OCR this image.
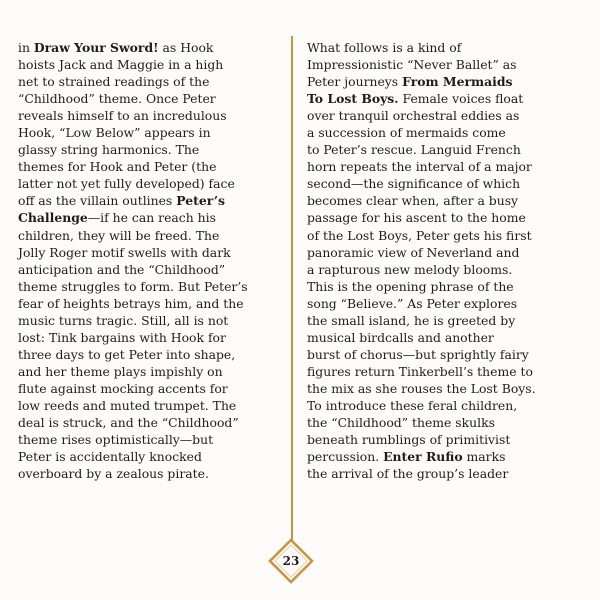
in Draw Your Sword! as Hook
hoists Jack and Maggie in a high
net to strained readings of the
“Childhood” theme. Once Peter
reveals himself to an incredulous
Hook, “Low Below” appears in
glassy string harmonics. The
themes for Hook and Peter (the
latter not yet fully developed) face
off as the villain outlines Peter’s
Challenge—if he can reach his
children, they will be freed. The
Jolly Roger motif swells with dark
anticipation and the “Childhood”
theme struggles to form. But Peter’s
fear of heights betrays him, and the
music turns tragic. Still, all is not
lost: Tink bargains with Hook for
three days to get Peter into shape,
and her theme plays impishly on
flute against mocking accents for
low reeds and muted trumpet. The
deal is struck, and the “Childhood”
theme rises optimistically—but
Peter is accidentally knocked
overboard by a zealous pirate.
What follows is a kind of
Impressionistic “Never Ballet” as
Peter journeys From Mermaids
To Lost Boys. Female voices float
over tranquil orchestral eddies as
a succession of mermaids come
to Peter’s rescue. Languid French
horn repeats the interval of a major
second—the significance of which
becomes clear when, after a busy
passage for his ascent to the home
of the Lost Boys, Peter gets his first
panoramic view of Neverland and
a rapturous new melody blooms.
This is the opening phrase of the
song “Believe.” As Peter explores
the small island, he is greeted by
musical birdcalls and another
burst of chorus—but sprightly fairy
figures return Tinkerbell’s theme to
the mix as she rouses the Lost Boys.
To introduce these feral children,
the “Childhood” theme skulks
beneath rumblings of primitivist
percussion. Enter Rufio marks
the arrival of the group’s leader
23
